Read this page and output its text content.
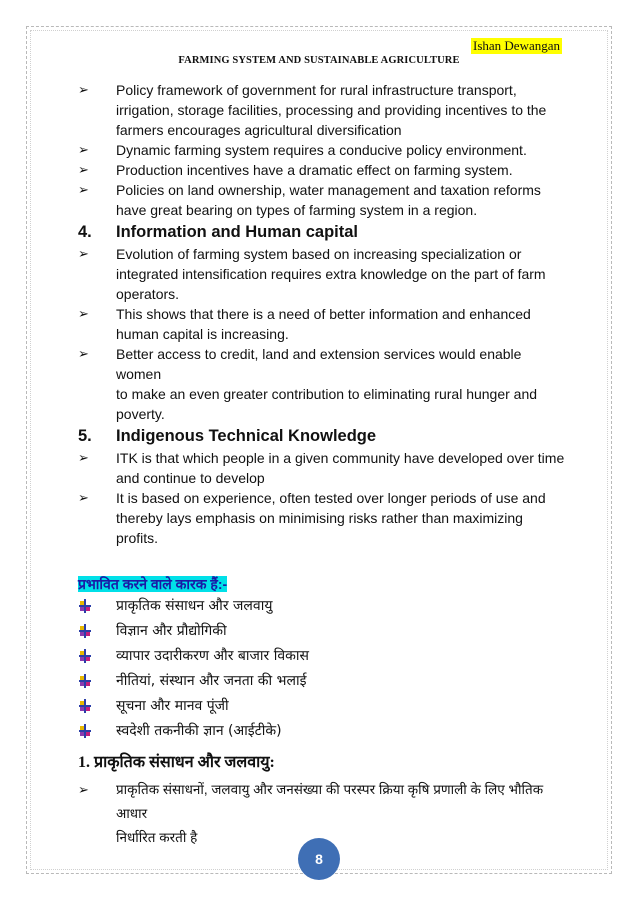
Ishan Dewangan
FARMING SYSTEM AND SUSTAINABLE AGRICULTURE
➢ Policy framework of government for rural infrastructure transport,
irrigation, storage facilities, processing and providing incentives to the
farmers encourages agricultural diversification
➢ Dynamic farming system requires a conducive policy environment.
➢ Production incentives have a dramatic effect on farming system.
➢ Policies on land ownership, water management and taxation reforms
have great bearing on types of farming system in a region.
4. Information and Human capital
➢ Evolution of farming system based on increasing specialization or
integrated intensification requires extra knowledge on the part of farm
operators.
➢ This shows that there is a need of better information and enhanced
human capital is increasing.
➢ Better access to credit, land and extension services would enable women
to make an even greater contribution to eliminating rural hunger and
poverty.
5. Indigenous Technical Knowledge
➢ ITK is that which people in a given community have developed over time
and continue to develop
➢ It is based on experience, often tested over longer periods of use and
thereby lays emphasis on minimising risks rather than maximizing
profits.
प्रभावित करने वाले कारक हैं:-
प्राकृतिक संसाधन और जलवायु
विज्ञान और प्रौद्योगिकी
व्यापार उदारीकरण और बाजार विकास
नीतियां, संस्थान और जनता की भलाई
सूचना और मानव पूंजी
स्वदेशी तकनीकी ज्ञान (आईटीके)
1. प्राकृतिक संसाधन और जलवायु:
➢ प्राकृतिक संसाधनों, जलवायु और जनसंख्या की परस्पर क्रिया कृषि प्रणाली के लिए भौतिक आधार
निर्धारित करती है
8
